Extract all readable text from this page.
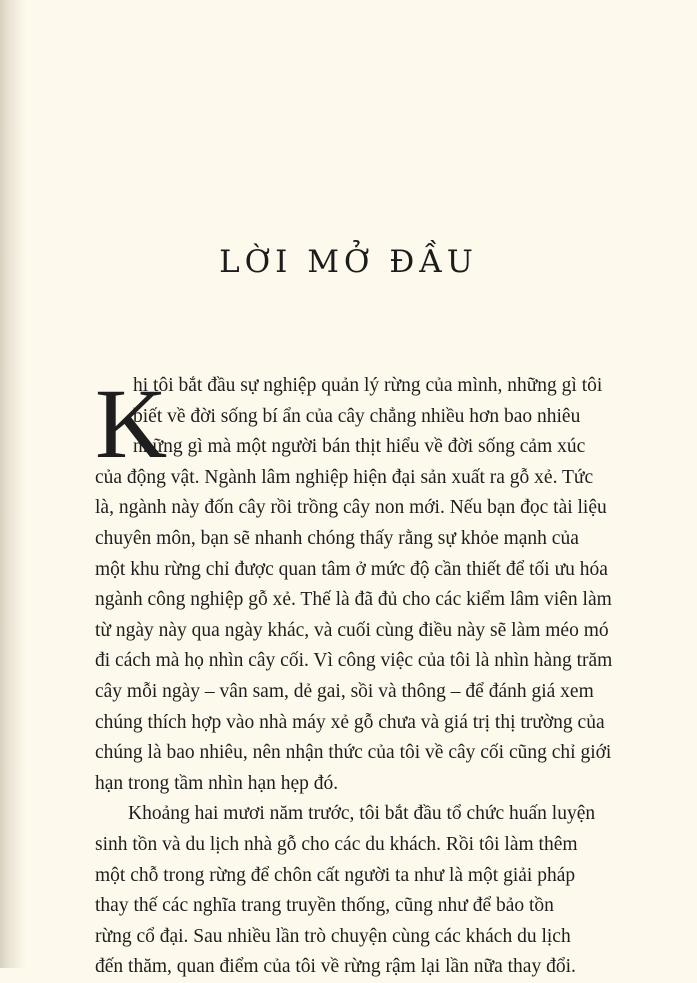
LỜI MỞ ĐẦU
K
hi tôi bắt đầu sự nghiệp quản lý rừng của mình, những gì tôi
biết về đời sống bí ẩn của cây chẳng nhiều hơn bao nhiêu
những gì mà một người bán thịt hiểu về đời sống cảm xúc
của động vật. Ngành lâm nghiệp hiện đại sản xuất ra gỗ xẻ. Tức
là, ngành này đốn cây rồi trồng cây non mới. Nếu bạn đọc tài liệu
chuyên môn, bạn sẽ nhanh chóng thấy rằng sự khỏe mạnh của
một khu rừng chỉ được quan tâm ở mức độ cần thiết để tối ưu hóa
ngành công nghiệp gỗ xẻ. Thế là đã đủ cho các kiểm lâm viên làm
từ ngày này qua ngày khác, và cuối cùng điều này sẽ làm méo mó
đi cách mà họ nhìn cây cối. Vì công việc của tôi là nhìn hàng trăm
cây mỗi ngày – vân sam, dẻ gai, sồi và thông – để đánh giá xem
chúng thích hợp vào nhà máy xẻ gỗ chưa và giá trị thị trường của
chúng là bao nhiêu, nên nhận thức của tôi về cây cối cũng chỉ giới
hạn trong tầm nhìn hạn hẹp đó.
Khoảng hai mươi năm trước, tôi bắt đầu tổ chức huấn luyện
sinh tồn và du lịch nhà gỗ cho các du khách. Rồi tôi làm thêm
một chỗ trong rừng để chôn cất người ta như là một giải pháp
thay thế các nghĩa trang truyền thống, cũng như để bảo tồn
rừng cổ đại. Sau nhiều lần trò chuyện cùng các khách du lịch
đến thăm, quan điểm của tôi về rừng rậm lại lần nữa thay đổi.
